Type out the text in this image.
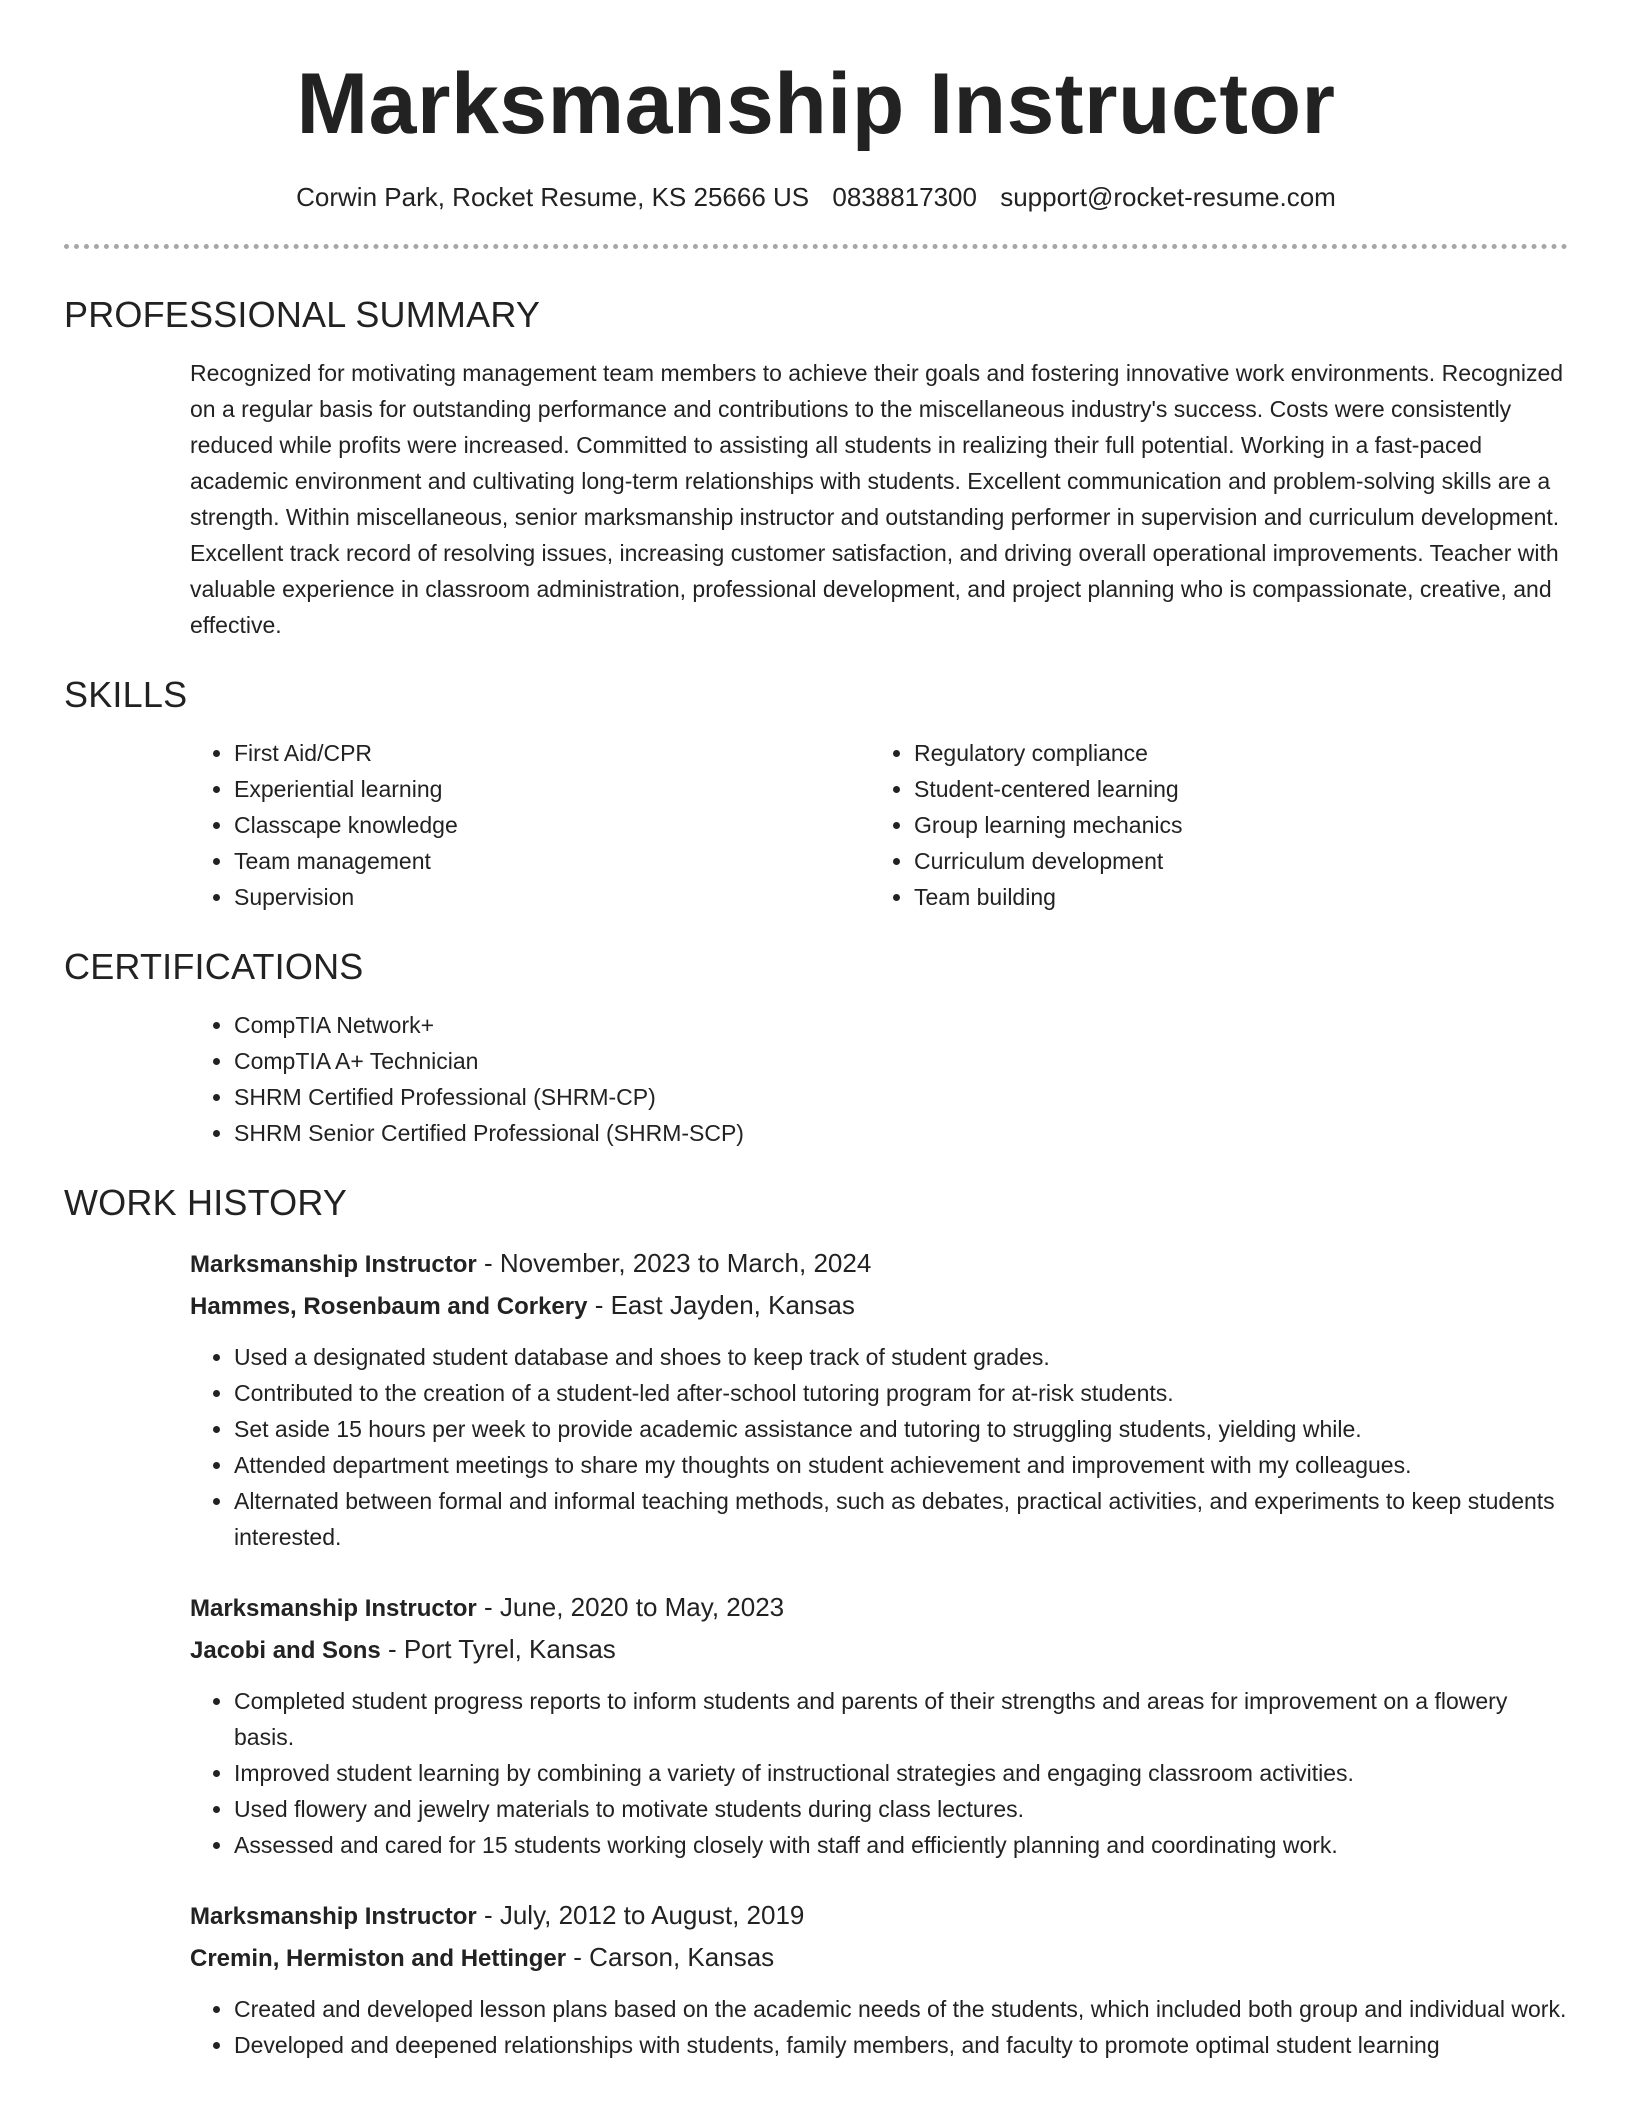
Marksmanship Instructor
Corwin Park, Rocket Resume, KS 25666 US 0838817300 support@rocket-resume.com
PROFESSIONAL SUMMARY

Recognized for motivating management team members to achieve their goals and fostering innovative work environments. Recognized on a regular basis for outstanding performance and contributions to the miscellaneous industry's success. Costs were consistently reduced while profits were increased. Committed to assisting all students in realizing their full potential. Working in a fast-paced academic environment and cultivating long-term relationships with students. Excellent communication and problem-solving skills are a strength. Within miscellaneous, senior marksmanship instructor and outstanding performer in supervision and curriculum development. Excellent track record of resolving issues, increasing customer satisfaction, and driving overall operational improvements. Teacher with valuable experience in classroom administration, professional development, and project planning who is compassionate, creative, and effective.

SKILLS
• First Aid/CPR
• Experiential learning
• Classcape knowledge
• Team management
• Supervision
• Regulatory compliance
• Student-centered learning
• Group learning mechanics
• Curriculum development
• Team building
CERTIFICATIONS
• CompTIA Network+
• CompTIA A+ Technician
• SHRM Certified Professional (SHRM-CP)
• SHRM Senior Certified Professional (SHRM-SCP)
WORK HISTORY
Marksmanship Instructor - November, 2023 to March, 2024
Hammes, Rosenbaum and Corkery - East Jayden, Kansas
• Used a designated student database and shoes to keep track of student grades.
• Contributed to the creation of a student-led after-school tutoring program for at-risk students.
• Set aside 15 hours per week to provide academic assistance and tutoring to struggling students, yielding while.
• Attended department meetings to share my thoughts on student achievement and improvement with my colleagues.
• Alternated between formal and informal teaching methods, such as debates, practical activities, and experiments to keep students interested.
Marksmanship Instructor - June, 2020 to May, 2023
Jacobi and Sons - Port Tyrel, Kansas
• Completed student progress reports to inform students and parents of their strengths and areas for improvement on a flowery basis.
• Improved student learning by combining a variety of instructional strategies and engaging classroom activities.
• Used flowery and jewelry materials to motivate students during class lectures.
• Assessed and cared for 15 students working closely with staff and efficiently planning and coordinating work.
Marksmanship Instructor - July, 2012 to August, 2019
Cremin, Hermiston and Hettinger - Carson, Kansas
• Created and developed lesson plans based on the academic needs of the students, which included both group and individual work.
• Developed and deepened relationships with students, family members, and faculty to promote optimal student learning
